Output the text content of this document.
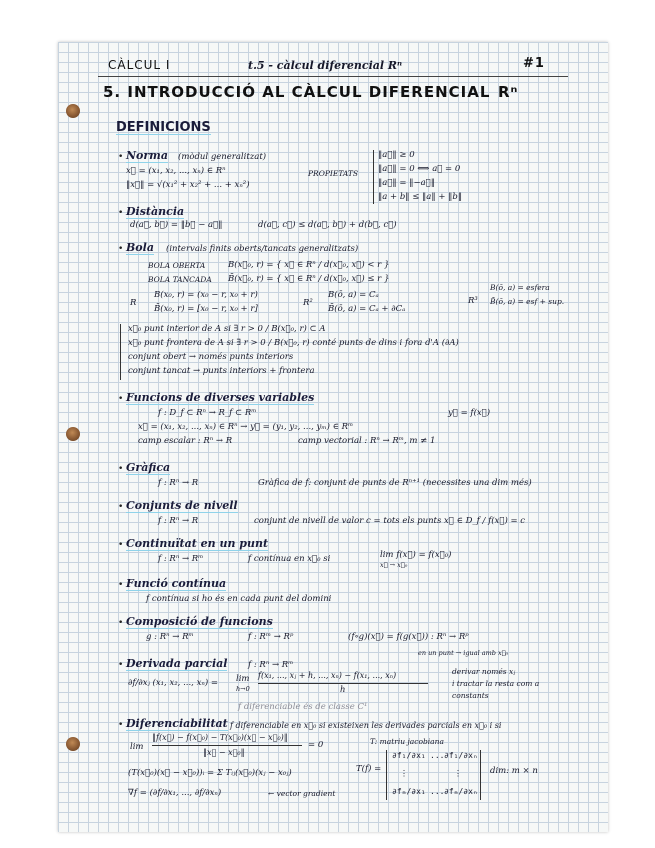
CÀLCUL I	t.5 - càlcul diferencial Rⁿ	#1
5. INTRODUCCIÓ AL CÀLCUL DIFERENCIAL Rⁿ
DEFINICIONS
• Norma (mòdul generalitzat)
x⃗ = (x₁, x₂, ..., xₙ) ∈ Rⁿ
‖x⃗‖ = √(x₁² + x₂² + ... + xₙ²)
PROPIETATS
‖a⃗‖ ≥ 0
‖a⃗‖ = 0 ⟺ a⃗ = 0
‖a⃗‖ = ‖−a⃗‖
‖a + b‖ ≤ ‖a‖ + ‖b‖
• Distància
d(a⃗, b⃗) = ‖b⃗ − a⃗‖	d(a⃗, c⃗) ≤ d(a⃗, b⃗) + d(b⃗, c⃗)
• Bola (intervals finits oberts/tancats generalitzats)
BOLA OBERTA	B(x⃗₀, r) = { x⃗ ∈ Rⁿ / d(x⃗₀, x⃗) < r }
BOLA TANCADA B̄(x⃗₀, r) = { x⃗ ∈ Rⁿ / d(x⃗₀, x⃗) ≤ r }
R
B(x₀, r) = (x₀ − r, x₀ + r)
B̄(x₀, r) = [x₀ − r, x₀ + r]
R²
B(ō, a) = Cₐ
B̄(ō, a) = Cₐ + ∂Cₐ
R³
B(ō, a) = esfera
B̄(ō, a) = esf + sup.
x⃗₀ punt interior de A si ∃ r > 0 / B(x⃗₀, r) ⊂ A
x⃗₀ punt frontera de A si ∃ r > 0 / B(x⃗₀, r) conté punts de dins i fora d'A (∂A)
conjunt obert → només punts interiors
conjunt tancat → punts interiors + frontera
• Funcions de diverses variables
f : D_f ⊂ Rⁿ → R_f ⊂ Rᵐ	y⃗ = f(x⃗)
x⃗ = (x₁, x₂, ..., xₙ) ∈ Rⁿ → y⃗ = (y₁, y₂, ..., yₘ) ∈ Rᵐ
camp escalar : Rⁿ → R	camp vectorial : Rⁿ → Rᵐ, m ≠ 1
• Gràfica
f : Rⁿ → R	Gràfica de f: conjunt de punts de Rⁿ⁺¹ (necessites una dim més)
• Conjunts de nivell
f : Rⁿ → R	conjunt de nivell de valor c = tots els punts x⃗ ∈ D_f / f(x⃗) = c
• Continuïtat en un punt
f : Rⁿ → Rᵐ	f contínua en x⃗₀ si	lim f(x⃗) = f(x⃗₀)
x⃗ → x⃗₀
• Funció contínua
f contínua si ho és en cada punt del domini
• Composició de funcions
g : Rⁿ → Rᵐ	f : Rᵐ → Rᵖ	(f∘g)(x⃗) = f(g(x⃗)) : Rⁿ → Rᵖ
en un punt → igual amb x⃗₀
• Derivada parcial f : Rⁿ → Rᵐ
∂f/∂xⱼ (x₁, x₂, ..., xₙ) = lim
h→0
f(x₁, ..., xⱼ + h, ..., xₙ) − f(x₁, ..., xₙ)
h
derivar només xⱼ
i tractar la resta com a
constants
f diferenciable és de classe C¹
• Diferenciabilitat f diferenciable en x⃗₀ si existeixen les derivades parcials en x⃗₀ i si
lim
‖f(x⃗) − f(x⃗₀) − T(x⃗₀)(x⃗ − x⃗₀)‖
‖x⃗ − x⃗₀‖
= 0	T: matriu jacobiana
T(f) =
∂f₁/∂x₁ ... ∂f₁/∂xₙ
⋮	⋮
∂fₘ/∂x₁ ... ∂fₘ/∂xₙ
dim: m × n
(T(x⃗₀)(x⃗ − x⃗₀))ᵢ = Σ Tᵢⱼ(x⃗₀)(xⱼ − x₀ⱼ)
∇f = (∂f/∂x₁, ..., ∂f/∂xₙ)	← vector gradient
